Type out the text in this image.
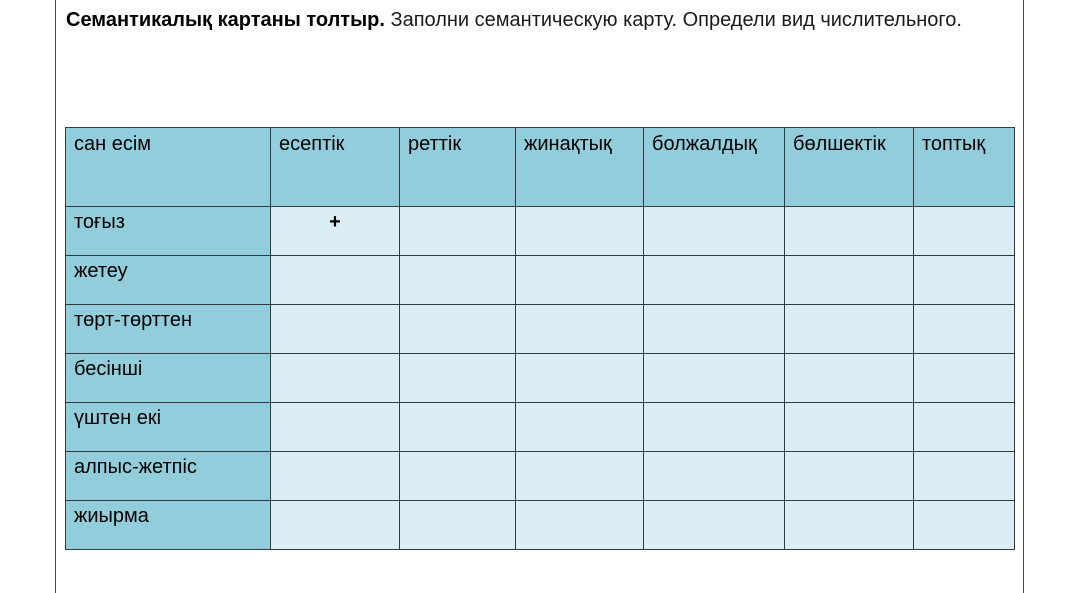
Семантикалық картаны толтыр. Заполни семантическую карту. Определи вид числительного.
сан есім	есептік	реттік	жинақтық	болжалдық	бөлшектік	топтық
тоғыз	+					
жетеу						
төрт-төрттен						
бесінші						
үштен екі						
алпыс-жетпіс						
жиырма						
